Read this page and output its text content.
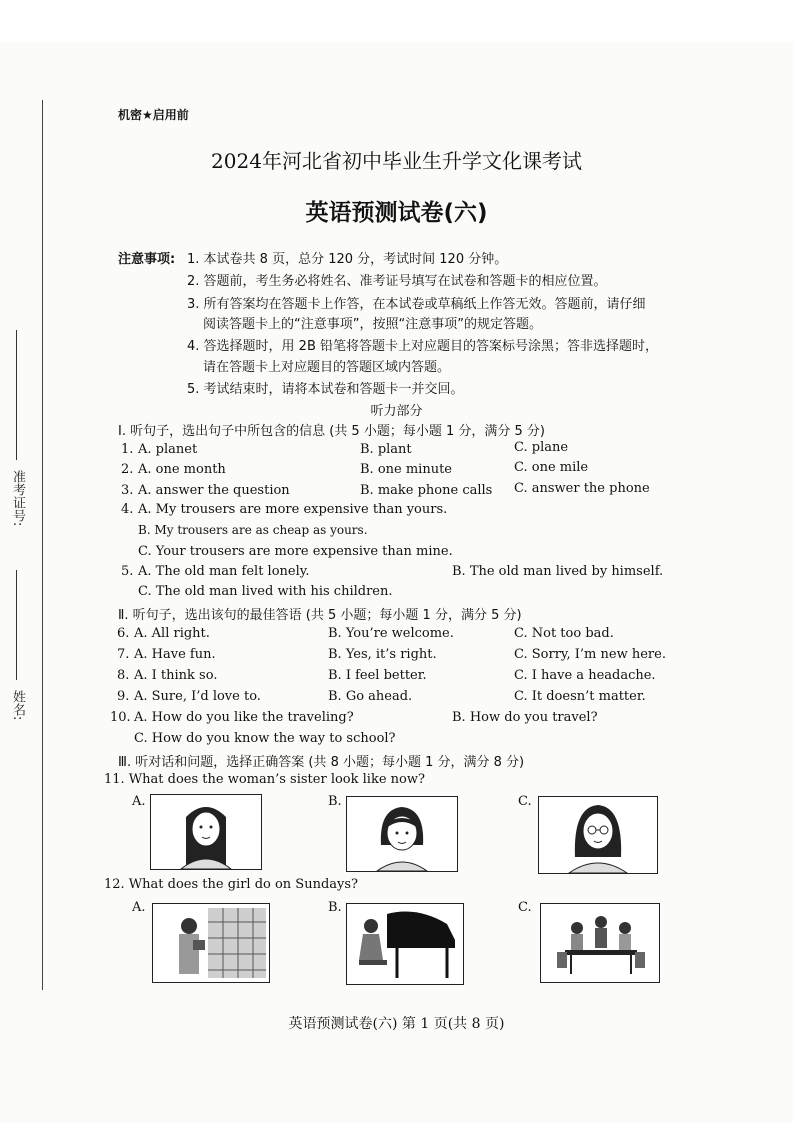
准考证号:
姓名:
机密★启用前
2024年河北省初中毕业生升学文化课考试
英语预测试卷(六)
注意事项: 1. 本试卷共 8 页，总分 120 分，考试时间 120 分钟。
2. 答题前，考生务必将姓名、准考证号填写在试卷和答题卡的相应位置。
3. 所有答案均在答题卡上作答，在本试卷或草稿纸上作答无效。答题前，请仔细
阅读答题卡上的“注意事项”，按照“注意事项”的规定答题。
4. 答选择题时，用 2B 铅笔将答题卡上对应题目的答案标号涂黑；答非选择题时，
请在答题卡上对应题目的答题区域内答题。
5. 考试结束时，请将本试卷和答题卡一并交回。
听力部分
Ⅰ. 听句子，选出句子中所包含的信息 (共 5 小题；每小题 1 分，满分 5 分)
1. A. planet	B. plant	C. plane
2. A. one month	B. one minute	C. one mile
3. A. answer the question	B. make phone calls C. answer the phone
4. A. My trousers are more expensive than yours.
B. My trousers are as cheap as yours.
C. Your trousers are more expensive than mine.
5. A. The old man felt lonely.	B. The old man lived by himself.
C. The old man lived with his children.
Ⅱ. 听句子，选出该句的最佳答语 (共 5 小题；每小题 1 分，满分 5 分)
6. A. All right.	B. You’re welcome.	C. Not too bad.
7. A. Have fun.	B. Yes, it’s right.	C. Sorry, I’m new here.
8. A. I think so.	B. I feel better.	C. I have a headache.
9. A. Sure, I’d love to.	B. Go ahead.	C. It doesn’t matter.
10. A. How do you like the traveling?	B. How do you travel?
C. How do you know the way to school?
Ⅲ. 听对话和问题，选择正确答案 (共 8 小题；每小题 1 分，满分 8 分)
11. What does the woman’s sister look like now?
A.	B.	C.
12. What does the girl do on Sundays?
A.	B.	C.
英语预测试卷(六) 第 1 页(共 8 页)
